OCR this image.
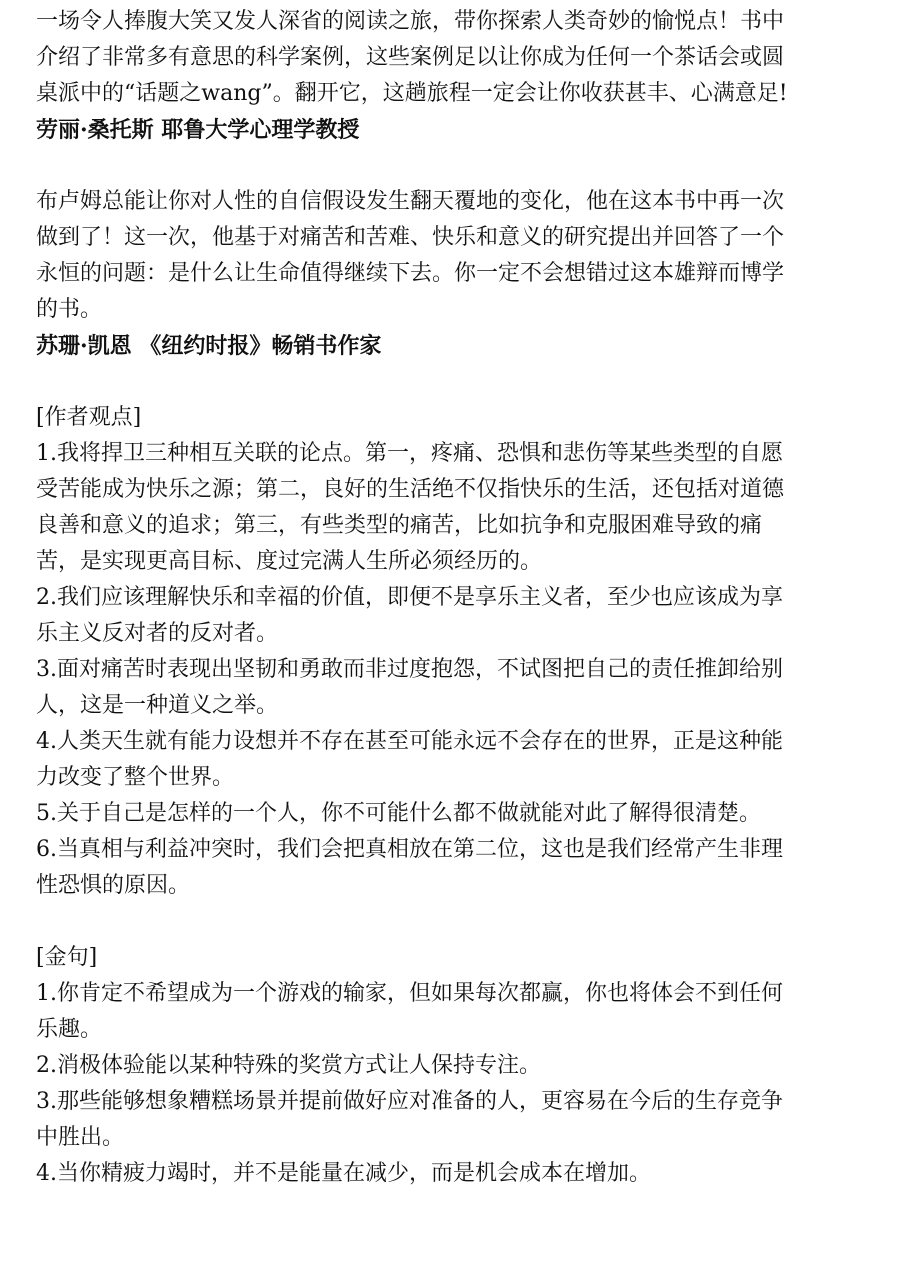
一场令人捧腹大笑又发人深省的阅读之旅，带你探索人类奇妙的愉悦点！书中介绍了非常多有意思的科学案例，这些案例足以让你成为任何一个茶话会或圆桌派中的“话题之wang”。翻开它，这趟旅程一定会让你收获甚丰、心满意足!

劳丽·桑托斯 耶鲁大学心理学教授

布卢姆总能让你对人性的自信假设发生翻天覆地的变化，他在这本书中再一次做到了！这一次，他基于对痛苦和苦难、快乐和意义的研究提出并回答了一个永恒的问题：是什么让生命值得继续下去。你一定不会想错过这本雄辩而博学的书。

苏珊·凯恩 《纽约时报》畅销书作家

[作者观点]

1.我将捍卫三种相互关联的论点。第一，疼痛、恐惧和悲伤等某些类型的自愿受苦能成为快乐之源；第二，良好的生活绝不仅指快乐的生活，还包括对道德良善和意义的追求；第三，有些类型的痛苦，比如抗争和克服困难导致的痛苦，是实现更高目标、度过完满人生所必须经历的。

2.我们应该理解快乐和幸福的价值，即便不是享乐主义者，至少也应该成为享乐主义反对者的反对者。

3.面对痛苦时表现出坚韧和勇敢而非过度抱怨，不试图把自己的责任推卸给别人，这是一种道义之举。

4.人类天生就有能力设想并不存在甚至可能永远不会存在的世界，正是这种能力改变了整个世界。

5.关于自己是怎样的一个人，你不可能什么都不做就能对此了解得很清楚。

6.当真相与利益冲突时，我们会把真相放在第二位，这也是我们经常产生非理性恐惧的原因。

[金句]

1.你肯定不希望成为一个游戏的输家，但如果每次都赢，你也将体会不到任何乐趣。

2.消极体验能以某种特殊的奖赏方式让人保持专注。

3.那些能够想象糟糕场景并提前做好应对准备的人，更容易在今后的生存竞争中胜出。

4.当你精疲力竭时，并不是能量在减少，而是机会成本在增加。
